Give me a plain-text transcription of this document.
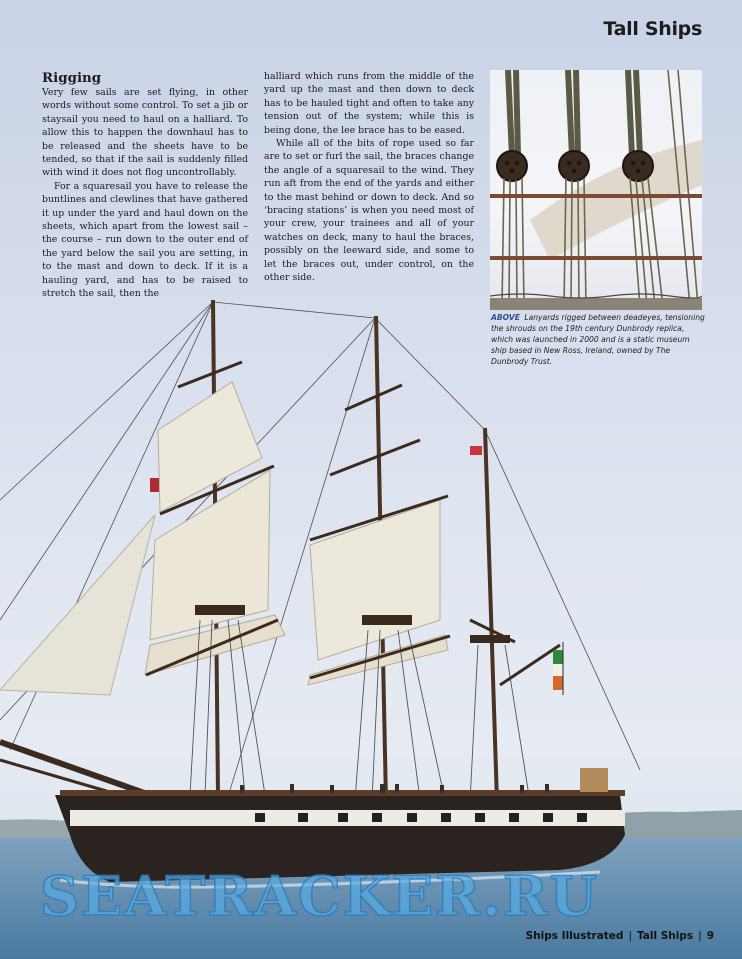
Tall Ships
Rigging

Very few sails are set flying, in other words without some control. To set a jib or staysail you need to haul on a halliard. To allow this to happen the downhaul has to be released and the sheets have to be tended, so that if the sail is suddenly filled with wind it does not flog uncontrollably.

For a squaresail you have to release the buntlines and clewlines that have gathered it up under the yard and haul down on the sheets, which apart from the lowest sail – the course – run down to the outer end of the yard below the sail you are setting, in to the mast and down to deck. If it is a hauling yard, and has to be raised to stretch the sail, then the

halliard which runs from the middle of the yard up the mast and then down to deck has to be hauled tight and often to take any tension out of the system; while this is being done, the lee brace has to be eased.

While all of the bits of rope used so far are to set or furl the sail, the braces change the angle of a squaresail to the wind. They run aft from the end of the yards and either to the mast behind or down to deck. And so ‘bracing stations’ is when you need most of your crew, your trainees and all of your watches on deck, many to haul the braces, possibly on the leeward side, and some to let the braces out, under control, on the other side.

ABOVE Lanyards rigged between deadeyes, tensioning the shrouds on the 19th century Dunbrody replica, which was launched in 2000 and is a static museum ship based in New Ross, Ireland, owned by The Dunbrody Trust.
SEATRACKER.RU
Ships Illustrated | Tall Ships | 9
